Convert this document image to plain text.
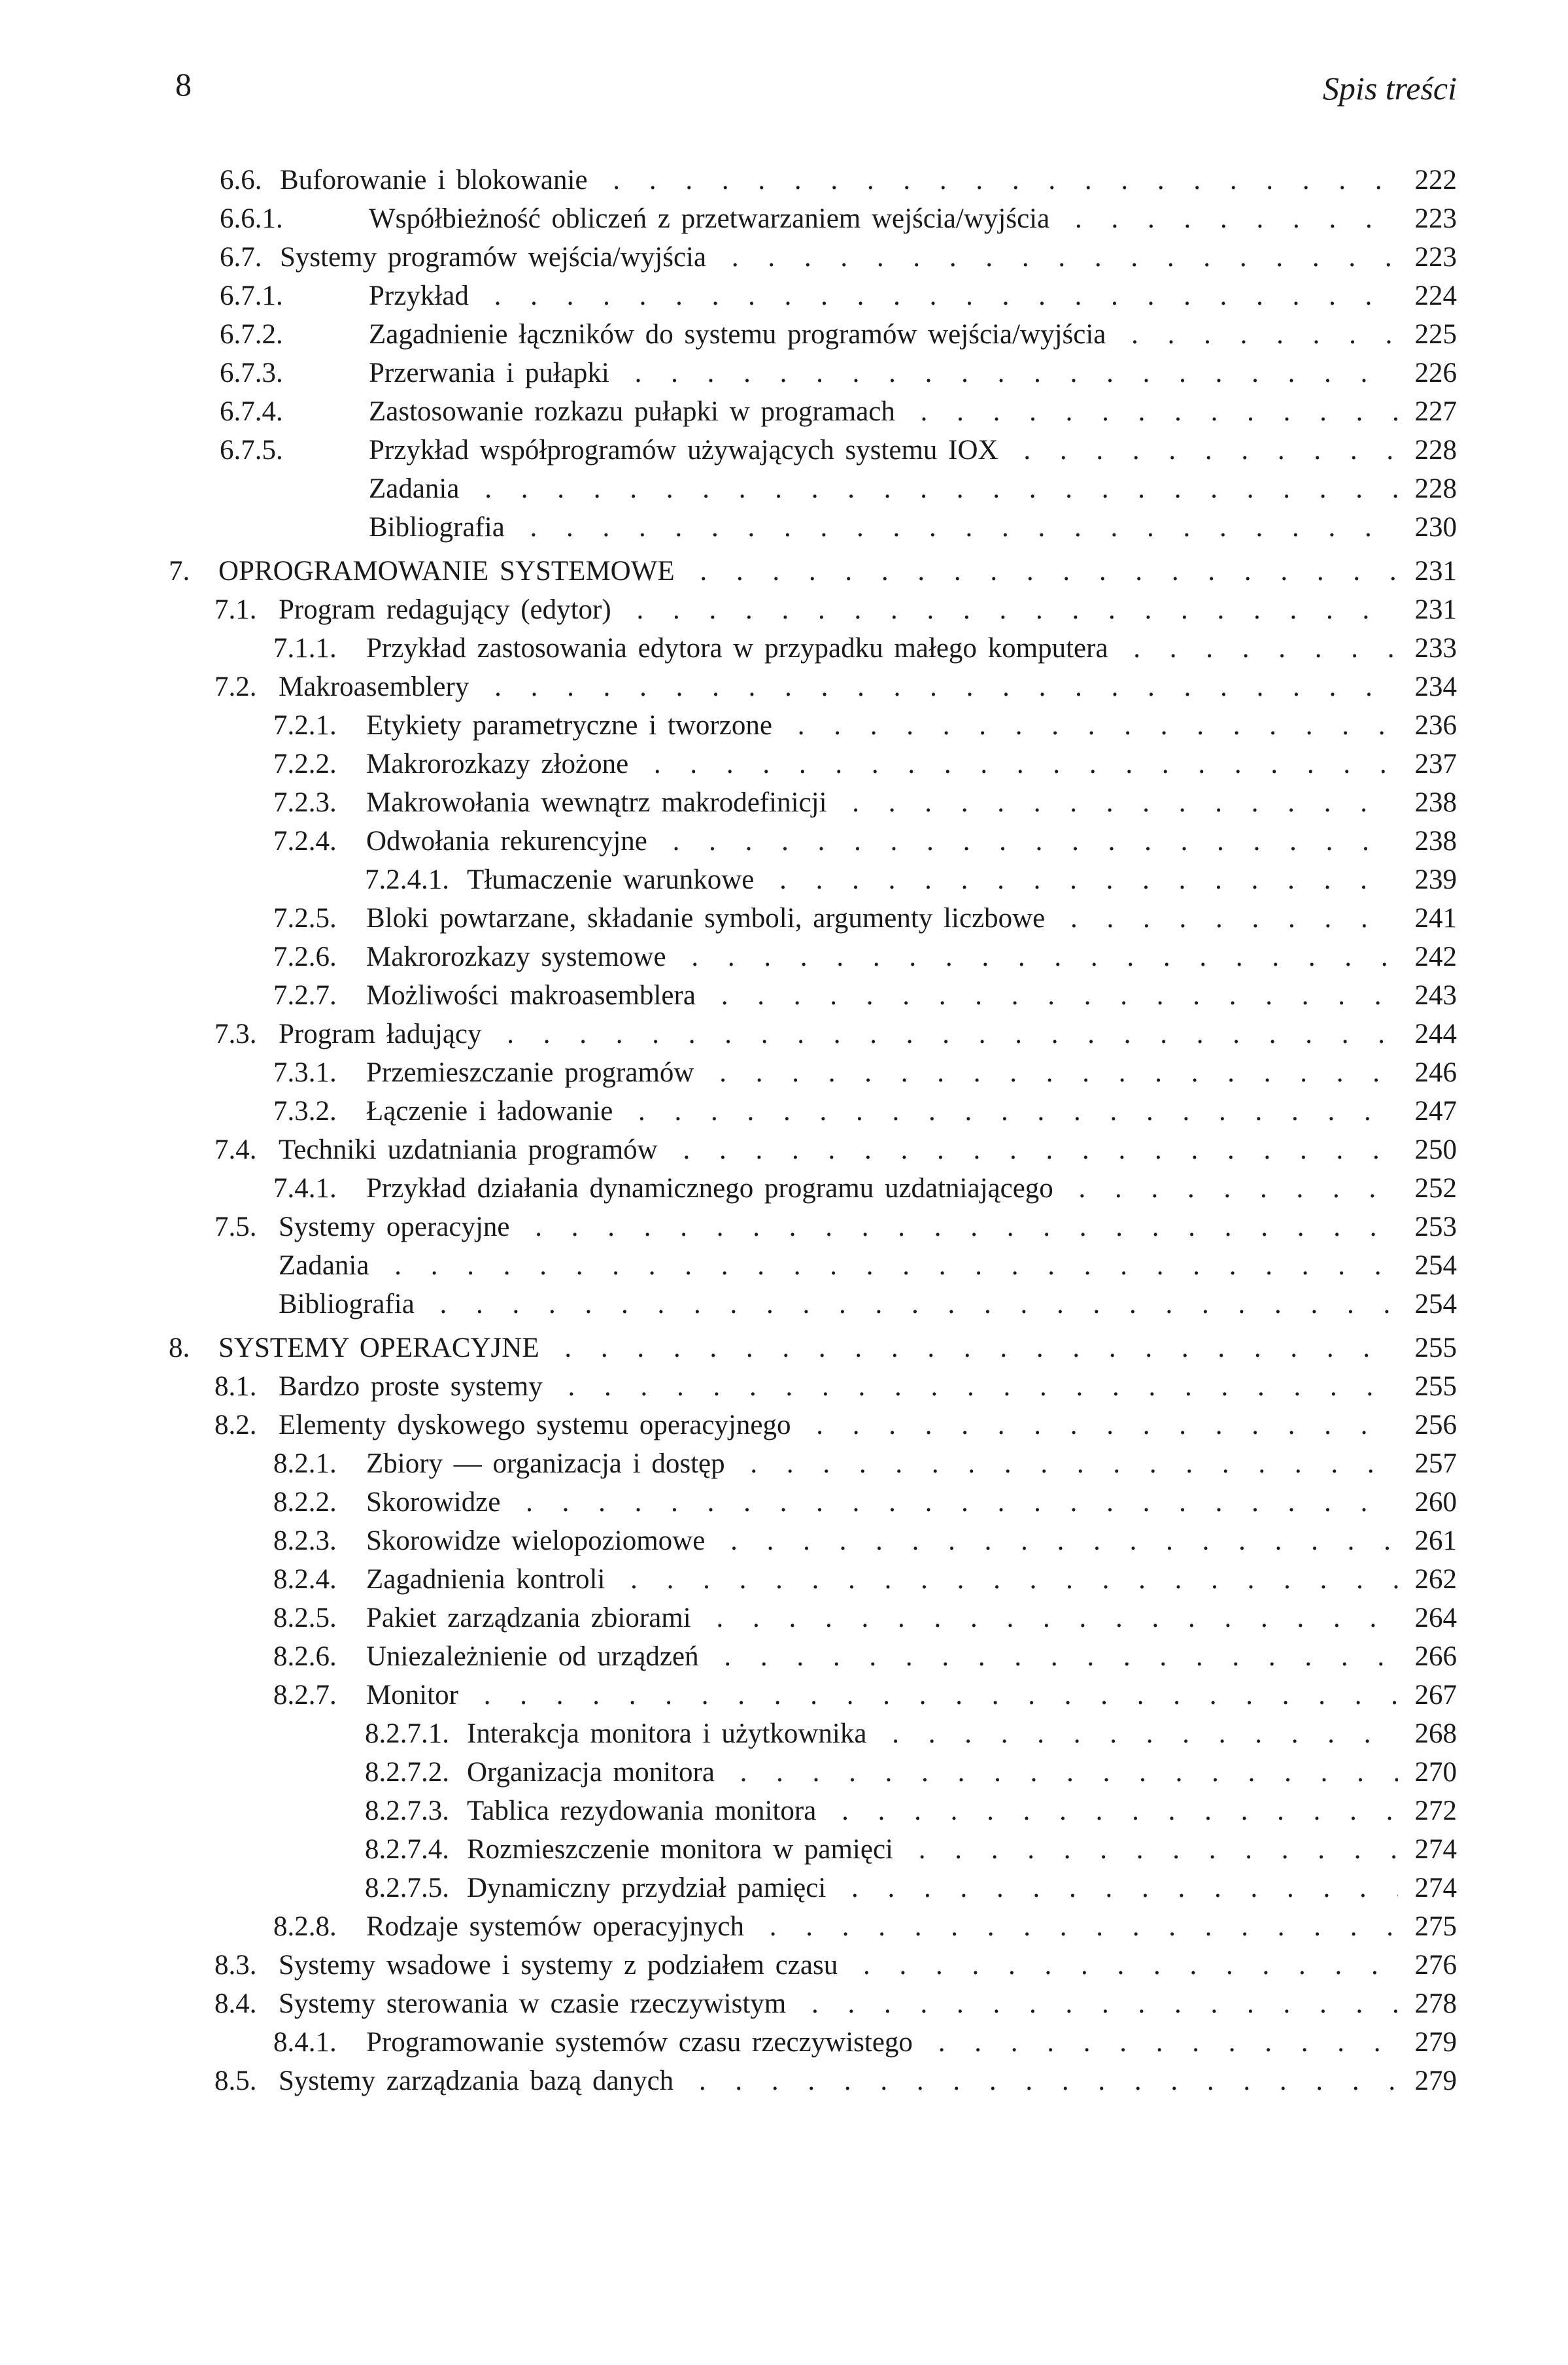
8	Spis treści
6.6. Buforowanie i blokowanie . . .	222
6.6.1.	Współbieżność obliczeń z przetwarzaniem wejścia/wyjścia . . .	223
6.7. Systemy programów wejścia/wyjścia . . .	223
6.7.1.	Przykład . . .	224
6.7.2.	Zagadnienie łączników do systemu programów wejścia/wyjścia . . .	225
6.7.3.	Przerwania i pułapki . . .	226
6.7.4.	Zastosowanie rozkazu pułapki w programach . . .	227
6.7.5.	Przykład współprogramów używających systemu IOX . . .	228
Zadania . . .	228
Bibliografia . . .	230
7. OPROGRAMOWANIE SYSTEMOWE . . .	231
7.1. Program redagujący (edytor) . . .	231
7.1.1. Przykład zastosowania edytora w przypadku małego komputera . . .	233
7.2. Makroasemblery . . .	234
7.2.1. Etykiety parametryczne i tworzone . . .	236
7.2.2. Makrorozkazy złożone . . .	237
7.2.3. Makrowołania wewnątrz makrodefinicji . . .	238
7.2.4. Odwołania rekurencyjne . . .	238
7.2.4.1. Tłumaczenie warunkowe . . .	239
7.2.5. Bloki powtarzane, składanie symboli, argumenty liczbowe . . .	241
7.2.6. Makrorozkazy systemowe . . .	242
7.2.7. Możliwości makroasemblera . . .	243
7.3. Program ładujący . . .	244
7.3.1. Przemieszczanie programów . . .	246
7.3.2. Łączenie i ładowanie . . .	247
7.4. Techniki uzdatniania programów . . .	250
7.4.1. Przykład działania dynamicznego programu uzdatniającego . . .	252
7.5. Systemy operacyjne . . .	253
Zadania . . .	254
Bibliografia . . .	254
8. SYSTEMY OPERACYJNE . . .	255
8.1. Bardzo proste systemy . . .	255
8.2. Elementy dyskowego systemu operacyjnego . . .	256
8.2.1. Zbiory — organizacja i dostęp . . .	257
8.2.2. Skorowidze . . .	260
8.2.3. Skorowidze wielopoziomowe . . .	261
8.2.4. Zagadnienia kontroli . . .	262
8.2.5. Pakiet zarządzania zbiorami . . .	264
8.2.6. Uniezależnienie od urządzeń . . .	266
8.2.7. Monitor . . .	267
8.2.7.1. Interakcja monitora i użytkownika . . .	268
8.2.7.2. Organizacja monitora . . .	270
8.2.7.3. Tablica rezydowania monitora . . .	272
8.2.7.4. Rozmieszczenie monitora w pamięci . . .	274
8.2.7.5. Dynamiczny przydział pamięci . . .	274
8.2.8. Rodzaje systemów operacyjnych . . .	275
8.3. Systemy wsadowe i systemy z podziałem czasu . . .	276
8.4. Systemy sterowania w czasie rzeczywistym . . .	278
8.4.1. Programowanie systemów czasu rzeczywistego . . .	279
8.5. Systemy zarządzania bazą danych . . .	279
